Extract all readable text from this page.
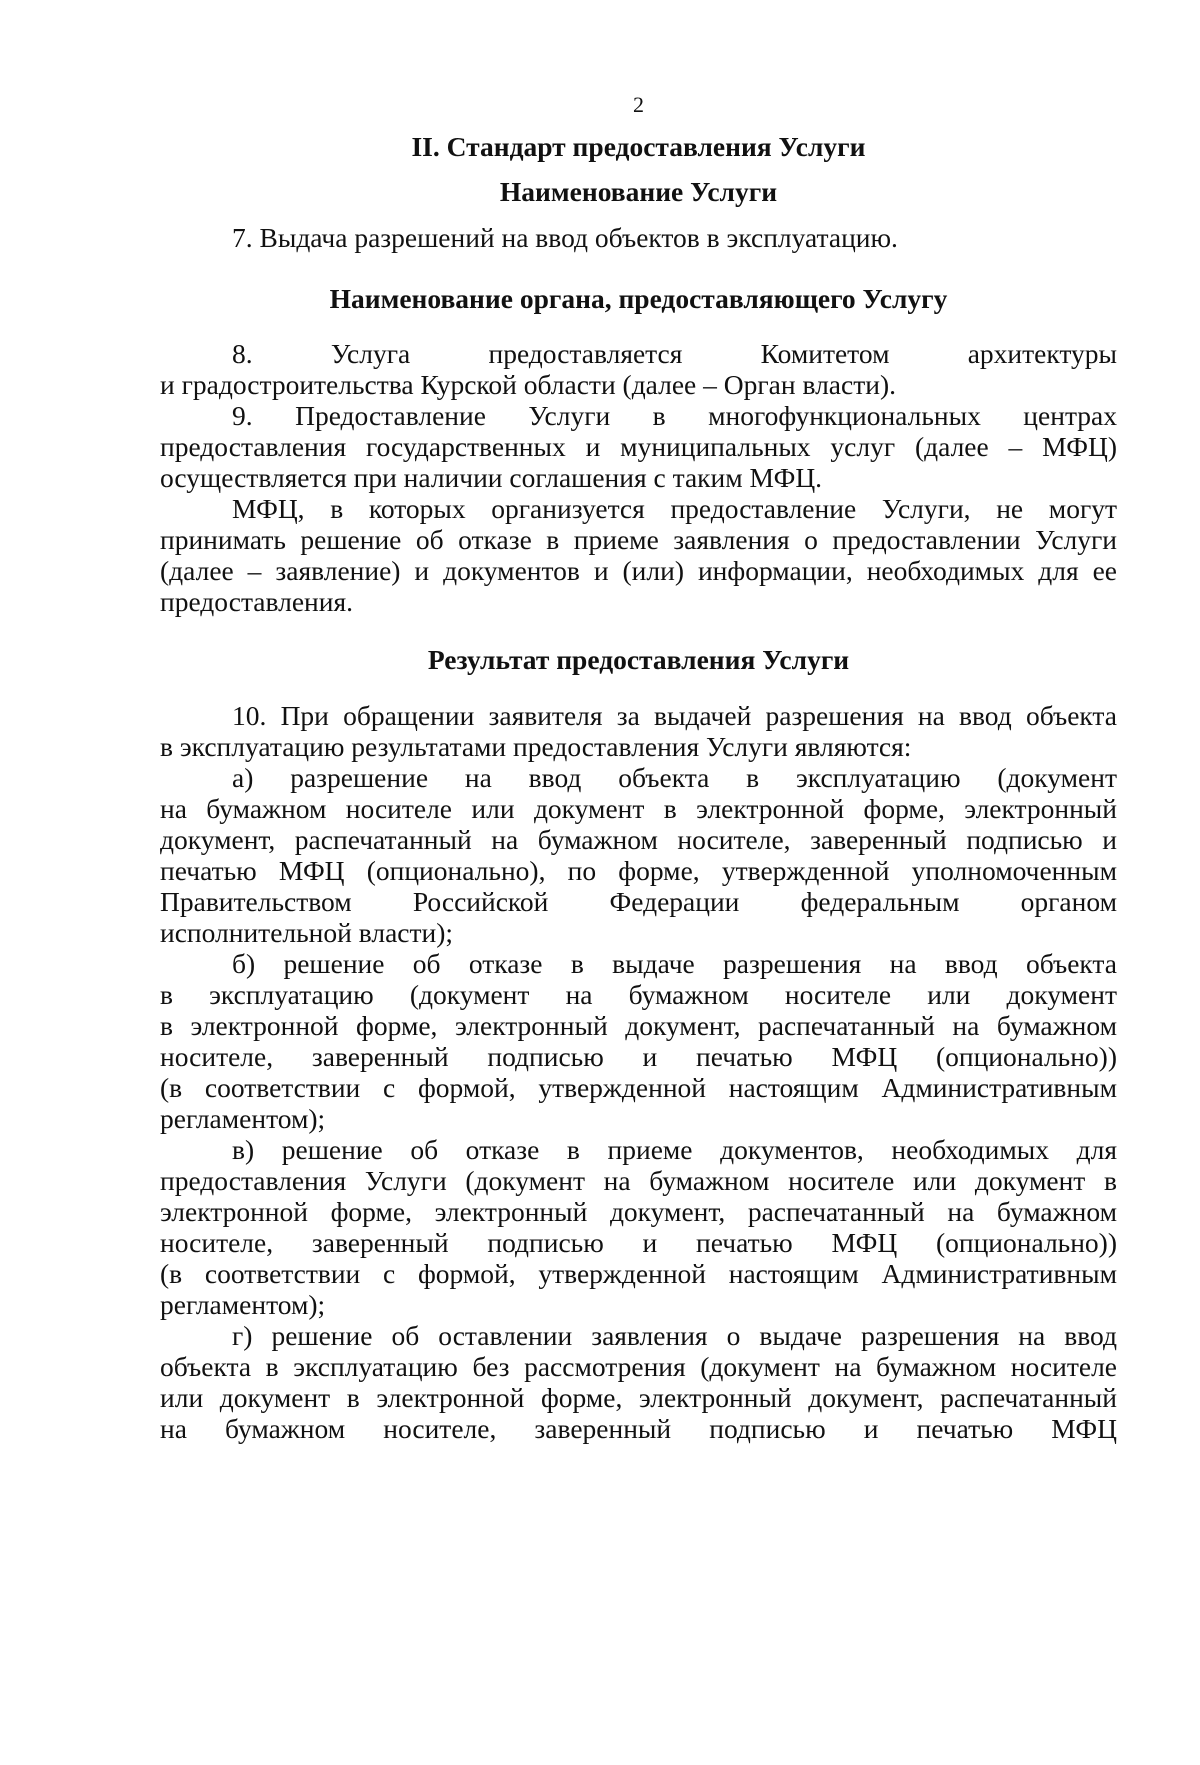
2
II. Стандарт предоставления Услуги
Наименование Услуги
7. Выдача разрешений на ввод объектов в эксплуатацию.
Наименование органа, предоставляющего Услугу
8. Услуга предоставляется Комитетом архитектуры
и градостроительства Курской области (далее – Орган власти).
9. Предоставление Услуги в многофункциональных центрах
предоставления государственных и муниципальных услуг (далее – МФЦ)
осуществляется при наличии соглашения с таким МФЦ.
МФЦ, в которых организуется предоставление Услуги, не могут
принимать решение об отказе в приеме заявления о предоставлении Услуги
(далее – заявление) и документов и (или) информации, необходимых для ее
предоставления.
Результат предоставления Услуги
10. При обращении заявителя за выдачей разрешения на ввод объекта
в эксплуатацию результатами предоставления Услуги являются:
а) разрешение на ввод объекта в эксплуатацию (документ
на бумажном носителе или документ в электронной форме, электронный
документ, распечатанный на бумажном носителе, заверенный подписью и
печатью МФЦ (опционально), по форме, утвержденной уполномоченным
Правительством Российской Федерации федеральным органом
исполнительной власти);
б) решение об отказе в выдаче разрешения на ввод объекта
в эксплуатацию (документ на бумажном носителе или документ
в электронной форме, электронный документ, распечатанный на бумажном
носителе, заверенный подписью и печатью МФЦ (опционально))
(в соответствии с формой, утвержденной настоящим Административным
регламентом);
в) решение об отказе в приеме документов, необходимых для
предоставления Услуги (документ на бумажном носителе или документ в
электронной форме, электронный документ, распечатанный на бумажном
носителе, заверенный подписью и печатью МФЦ (опционально))
(в соответствии с формой, утвержденной настоящим Административным
регламентом);
г) решение об оставлении заявления о выдаче разрешения на ввод
объекта в эксплуатацию без рассмотрения (документ на бумажном носителе
или документ в электронной форме, электронный документ, распечатанный
на бумажном носителе, заверенный подписью и печатью МФЦ
